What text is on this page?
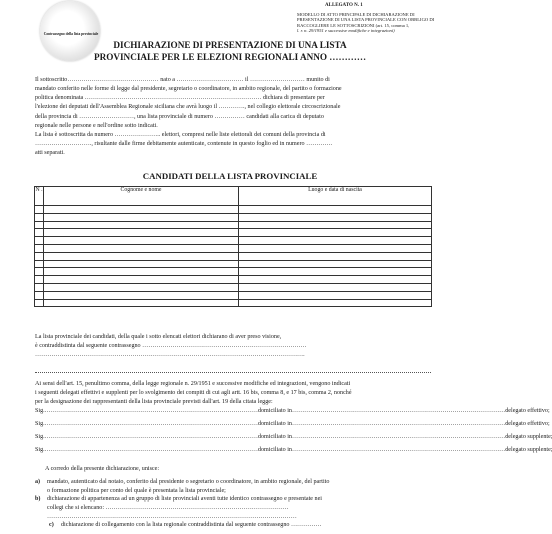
Contrassegno della lista provinciale
ALLEGATO N. 1
MODELLO DI ATTO PRINCIPALE DI DICHIARAZIONE DI
PRESENTAZIONE DI UNA LISTA PROVINCIALE CON OBBLIGO DI
RACCOGLIERE LE SOTTOSCRIZIONI (art. 15, comma 1,
l. r. n. 29/1951 e successive modifiche e integrazioni)
DICHIARAZIONE DI PRESENTAZIONE DI UNA LISTA
PROVINCIALE PER LE ELEZIONI REGIONALI ANNO …………
Il sottoscritto……………………………………… nato a …………………………… il ……………………… munito di
mandato conferito nelle forme di legge dal presidente, segretario o coordinatore, in ambito regionale, del partito o formazione
politica denominata …………………………………………………………………………… dichiara di presentare per
l'elezione dei deputati dell'Assemblea Regionale siciliana che avrà luogo il …………., nel collegio elettorale circoscrizionale
della provincia di ………………………, una lista provinciale di numero …………… candidati alla carica di deputato
regionale nelle persone e nell'ordine sotto indicati.
La lista è sottoscritta da numero ………………….. elettori, compresi nelle liste elettorali dei comuni della provincia di
………………………., risultante dalle firme debitamente autenticate, contenute in questo foglio ed in numero ………….
atti separati.
CANDIDATI DELLA LISTA PROVINCIALE
N .	Cognome e nome	Luogo e data di nascita

La lista provinciale dei candidati, della quale i sotto elencati elettori dichiarano di aver preso visione,
è contraddistinta dal seguente contrassegno ………………………………………………………………………
…………………………………………………………………………………………………………………….
Ai sensi dell'art. 15, penultimo comma, della legge regionale n. 29/1951 e successive modifiche ed integrazioni, vengono indicati
i seguenti delegati effettivi e supplenti per lo svolgimento dei compiti di cui agli artt. 16 bis, comma 8, e 17 bis, comma 2, nonché
per la designazione dei rappresentanti della lista provinciale previsti dall'art. 19 della citata legge:
Sig. …………………………………………………………………………………………… domiciliato in …………………………………………………………………………………………… delegato effettivo;
Sig. …………………………………………………………………………………………… domiciliato in …………………………………………………………………………………………… delegato effettivo;
Sig. …………………………………………………………………………………………… domiciliato in …………………………………………………………………………………………… delegato supplente;
Sig. …………………………………………………………………………………………… domiciliato in …………………………………………………………………………………………… delegato supplente;
A corredo della presente dichiarazione, unisce:
a)	mandato, autenticato dal notaio, conferito dal presidente o segretario o coordinatore, in ambito regionale, del partito
o formazione politica per conto del quale è presentata la lista provinciale;
b)	dichiarazione di appartenenza ad un gruppo di liste provinciali aventi tutte identico contrassegno e presentate nei
collegi che si elencano: ………………………………………………………………………………
……………………………………………………………………………………………………………
c)	dichiarazione di collegamento con la lista regionale contraddistinta dal seguente contrassegno ……………
